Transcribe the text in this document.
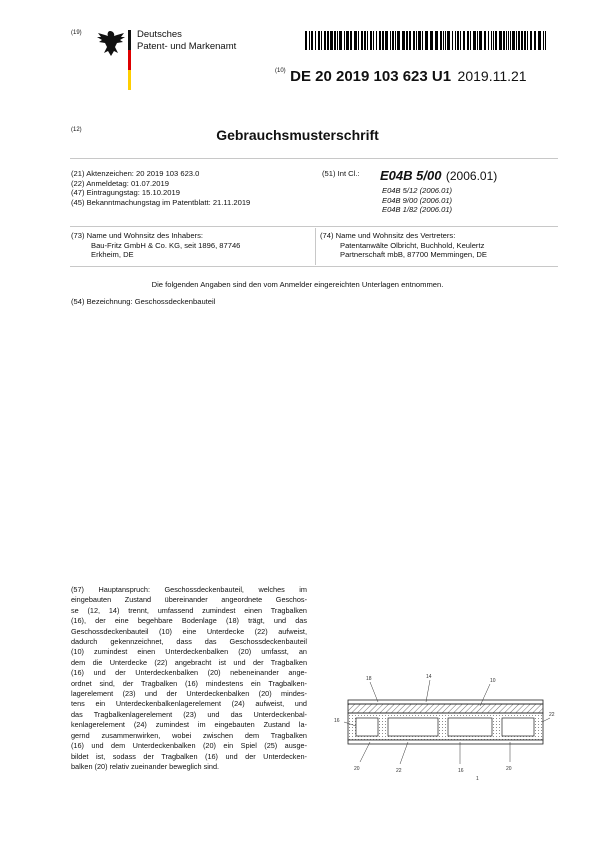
(19)	Deutsches
Patent- und Markenamt
$^{(10)}$ DE 20 2019 103 623 U1 2019.11.21
(12)	Gebrauchsmusterschrift
(21) Aktenzeichen: 20 2019 103 623.0
(22) Anmeldetag: 01.07.2019
(47) Eintragungstag: 15.10.2019
(45) Bekanntmachungstag im Patentblatt: 21.11.2019
(51) Int Cl.: E04B 5/00 (2006.01)
E04B 5/12 (2006.01)
E04B 9/00 (2006.01)
E04B 1/82 (2006.01)
(73) Name und Wohnsitz des Inhabers:
Bau-Fritz GmbH & Co. KG, seit 1896, 87746
Erkheim, DE
(74) Name und Wohnsitz des Vertreters:
Patentanwälte Olbricht, Buchhold, Keulertz
Partnerschaft mbB, 87700 Memmingen, DE
Die folgenden Angaben sind den vom Anmelder eingereichten Unterlagen entnommen.
(54) Bezeichnung: Geschossdeckenbauteil
(57) Hauptanspruch: Geschossdeckenbauteil, welches im
eingebauten Zustand übereinander angeordnete Geschos-
se (12, 14) trennt, umfassend zumindest einen Tragbalken
(16), der eine begehbare Bodenlage (18) trägt, und das
Geschossdeckenbauteil (10) eine Unterdecke (22) aufweist,
dadurch gekennzeichnet, dass das Geschossdeckenbauteil
(10) zumindest einen Unterdeckenbalken (20) umfasst, an
dem die Unterdecke (22) angebracht ist und der Tragbalken
(16) und der Unterdeckenbalken (20) nebeneinander ange-
ordnet sind, der Tragbalken (16) mindestens ein Tragbalken-
lagerelement (23) und der Unterdeckenbalken (20) mindes-
tens ein Unterdeckenbalkenlagerelement (24) aufweist, und
das Tragbalkenlagerelement (23) und das Unterdeckenbal-
kenlagerelement (24) zumindest im eingebauten Zustand la-
gernd zusammenwirken, wobei zwischen dem Tragbalken
(16) und dem Unterdeckenbalken (20) ein Spiel (25) ausge-
bildet ist, sodass der Tragbalken (16) und der Unterdecken-
balken (20) relativ zueinander beweglich sind.
18	14
10
16
20	22	16	20
22
1
